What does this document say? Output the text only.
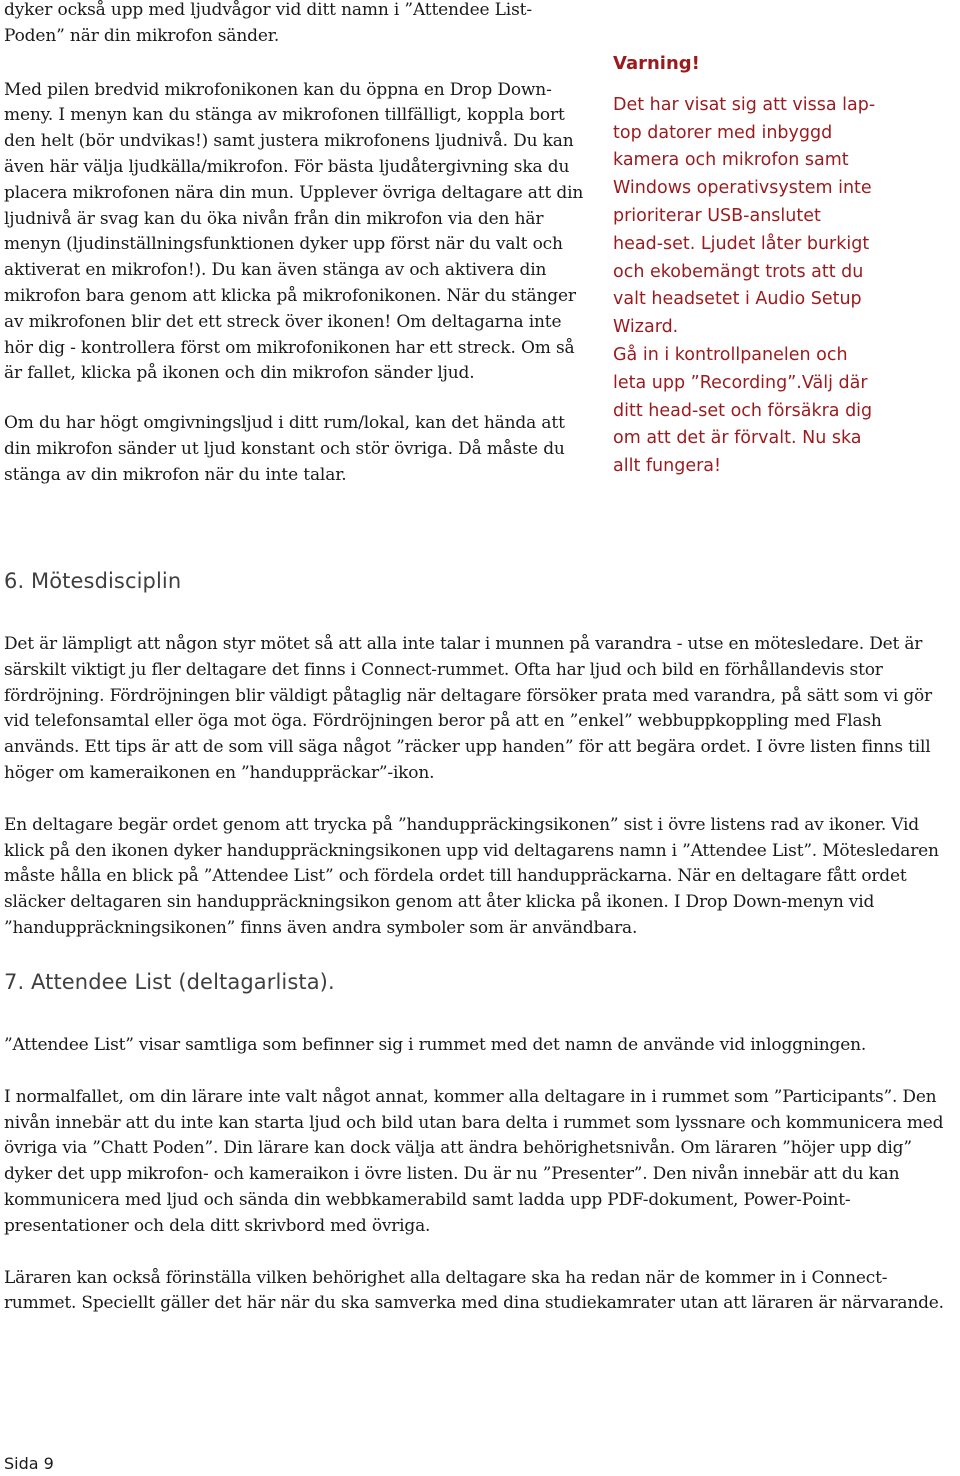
dyker också upp med ljudvågor vid ditt namn i ”Attendee List-Poden” när din mikrofon sänder.

Med pilen bredvid mikrofonikonen kan du öppna en Drop Down-meny. I menyn kan du stänga av mikrofonen tillfälligt, koppla bort den helt (bör undvikas!) samt justera mikrofonens ljudnivå. Du kan även här välja ljudkälla/mikrofon. För bästa ljudåtergivning ska du placera mikrofonen nära din mun. Upplever övriga deltagare att din ljudnivå är svag kan du öka nivån från din mikrofon via den här menyn (ljudinställningsfunktionen dyker upp först när du valt och aktiverat en mikrofon!). Du kan även stänga av och aktivera din mikrofon bara genom att klicka på mikrofonikonen. När du stänger av mikrofonen blir det ett streck över ikonen! Om deltagarna inte hör dig - kontrollera först om mikrofonikonen har ett streck. Om så är fallet, klicka på ikonen och din mikrofon sänder ljud.

Om du har högt omgivningsljud i ditt rum/lokal, kan det hända att din mikrofon sänder ut ljud konstant och stör övriga. Då måste du stänga av din mikrofon när du inte talar.

Varning!

Det har visat sig att vissa lap-
top datorer med inbyggd
kamera och mikrofon samt
Windows operativsystem inte
prioriterar USB-anslutet
head-set. Ljudet låter burkigt
och ekobemängt trots att du
valt headsetet i Audio Setup
Wizard.
Gå in i kontrollpanelen och
leta upp ”Recording”.Välj där
ditt head-set och försäkra dig
om att det är förvalt. Nu ska
allt fungera!

6. Mötesdisciplin

Det är lämpligt att någon styr mötet så att alla inte talar i munnen på varandra - utse en mötesledare. Det är särskilt viktigt ju fler deltagare det finns i Connect-rummet. Ofta har ljud och bild en förhållandevis stor fördröjning. Fördröjningen blir väldigt påtaglig när deltagare försöker prata med varandra, på sätt som vi gör vid telefonsamtal eller öga mot öga. Fördröjningen beror på att en ”enkel” webbuppkoppling med Flash används. Ett tips är att de som vill säga något ”räcker upp handen” för att begära ordet. I övre listen finns till höger om kameraikonen en ”handuppräckar”-ikon.

En deltagare begär ordet genom att trycka på ”handuppräckingsikonen” sist i övre listens rad av ikoner. Vid klick på den ikonen dyker handuppräckningsikonen upp vid deltagarens namn i ”Attendee List”. Mötesledaren måste hålla en blick på ”Attendee List” och fördela ordet till handuppräckarna. När en deltagare fått ordet släcker deltagaren sin handuppräckningsikon genom att åter klicka på ikonen. I Drop Down-menyn vid ”handuppräckningsikonen” finns även andra symboler som är användbara.

7. Attendee List (deltagarlista).

”Attendee List” visar samtliga som befinner sig i rummet med det namn de använde vid inloggningen.

I normalfallet, om din lärare inte valt något annat, kommer alla deltagare in i rummet som ”Participants”. Den nivån innebär att du inte kan starta ljud och bild utan bara delta i rummet som lyssnare och kommunicera med övriga via ”Chatt Poden”. Din lärare kan dock välja att ändra behörighetsnivån. Om läraren ”höjer upp dig” dyker det upp mikrofon- och kameraikon i övre listen. Du är nu ”Presenter”. Den nivån innebär att du kan kommunicera med ljud och sända din webbkamerabild samt ladda upp PDF-dokument, Power-Point-presentationer och dela ditt skrivbord med övriga.

Läraren kan också förinställa vilken behörighet alla deltagare ska ha redan när de kommer in i Connect-rummet. Speciellt gäller det här när du ska samverka med dina studiekamrater utan att läraren är närvarande.

Sida 9
